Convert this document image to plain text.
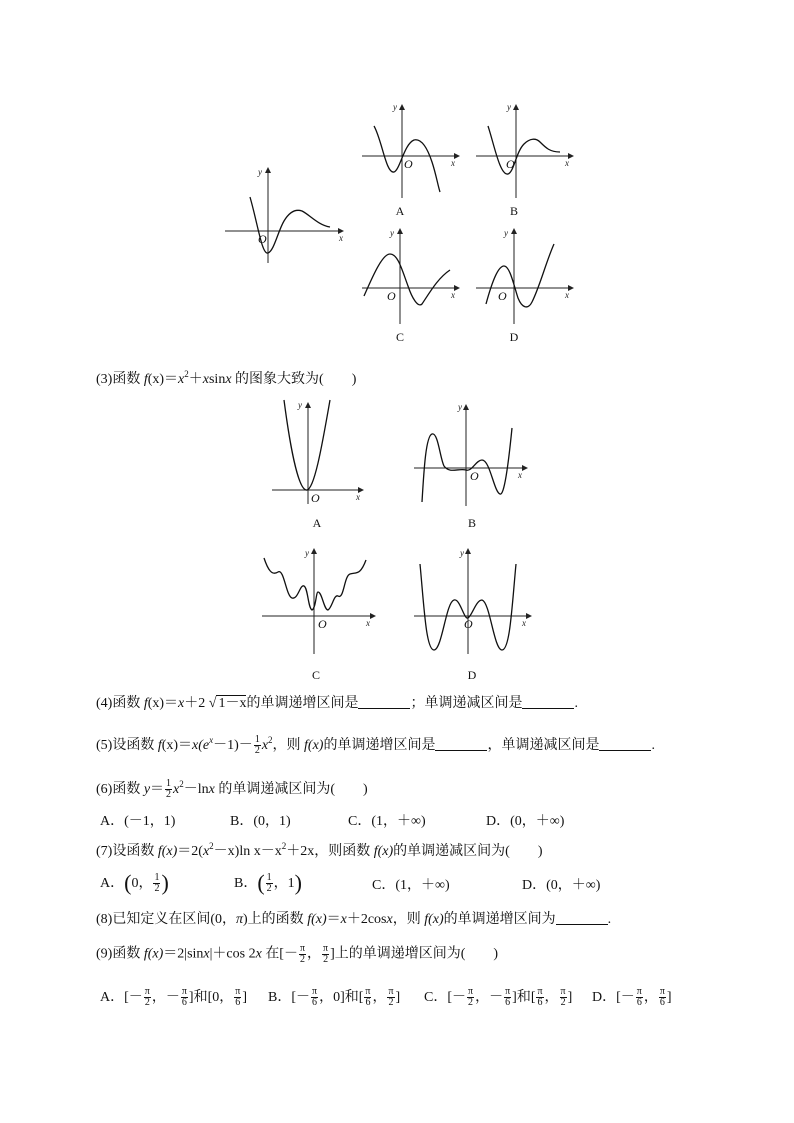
x
y
O
x
y
O
A
x
y
O
B
x
y
O
C
x
y
O
D
(3)函数 $f(x)=x^2+xsinx$ 的图象大致为(　　)
x
y
O
A
x
y
O
B
x
y
O
C
x
y
O
D
(4)函数 f(x)＝x＋2 √ 1－x的单调递增区间是	；单调递减区间是	.
(5)设函数 $f(x)=x(e^x-1)- \frac{1}{2} x^2$，则 f(x)的单调递增区间是	，单调递减区间是	.
(6)函数 $y= \frac{1}{2} x^2-\ln x$ 的单调递减区间为(　　)
A．(－1，1)	B．(0，1)	C．(1，＋∞)	D．(0，＋∞)
(7)设函数 $f(x)=2(x^2-x)\ln$ $x-x^2+2x$，则函数 f(x)的单调递减区间为(　　)
A．(0， $\frac{1}{2}$ )	B．( $\frac{1}{2}$ ，1)	C．(1，＋∞)	D．(0，＋∞)
(8)已知定义在区间(0，π)上的函数 f(x)＝x＋2cosx，则 f(x)的单调递增区间为	.
(9)函数 f(x)＝2|sinx|＋cos 2x 在[－ $\frac{\pi}{2}$ ， $\frac{\pi}{2}$ ]上的单调递增区间为(　　)
A．[－ $\frac{\pi}{2}$ ，－ $\frac{\pi}{6}$ ]和[0， $\frac{\pi}{6}$ ] B．[－ $\frac{\pi}{6}$ ，0]和[ $\frac{\pi}{6}$ ， $\frac{\pi}{2}$ ] C．[－ $\frac{\pi}{2}$ ，－ $\frac{\pi}{6}$ ]和[ $\frac{\pi}{6}$ ， $\frac{\pi}{2}$ ] D．[－ $\frac{\pi}{6}$ ， $\frac{\pi}{6}$ ]
